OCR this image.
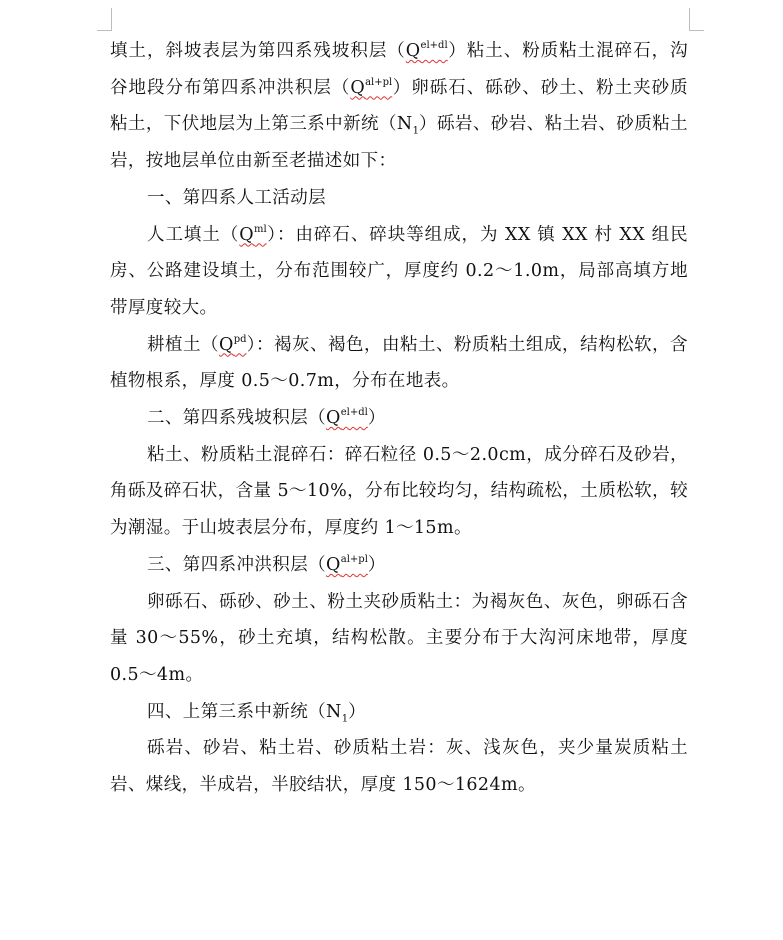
填土，斜坡表层为第四系残坡积层$(Q^{el+dl})$粘土、粉质粘土混碎石，沟谷地段分布第四系冲洪积层$(Q^{al+pl})$卵砾石、砾砂、砂土、粉土夹砂质粘土，下伏地层为上第三系中新统$(N_1)$砾岩、砂岩、粘土岩、砂质粘土岩，按地层单位由新至老描述如下：

一、第四系人工活动层

人工填土$(Q^{ml})$：由碎石、碎块等组成，为 XX 镇 XX 村 XX 组民房、公路建设填土，分布范围较广，厚度约 0.2～1.0m，局部高填方地带厚度较大。

耕植土$(Q^{pd})$：褐灰、褐色，由粘土、粉质粘土组成，结构松软，含植物根系，厚度 0.5～0.7m，分布在地表。

二、第四系残坡积层$(Q^{el+dl})$

粘土、粉质粘土混碎石：碎石粒径 0.5～2.0cm，成分碎石及砂岩，角砾及碎石状，含量 5～10%，分布比较均匀，结构疏松，土质松软，较为潮湿。于山坡表层分布，厚度约 1～15m。

三、第四系冲洪积层$(Q^{al+pl})$

卵砾石、砾砂、砂土、粉土夹砂质粘土：为褐灰色、灰色，卵砾石含量 30～55%，砂土充填，结构松散。主要分布于大沟河床地带，厚度 0.5～4m。

四、上第三系中新统$(N_1)$

砾岩、砂岩、粘土岩、砂质粘土岩：灰、浅灰色，夹少量炭质粘土岩、煤线，半成岩，半胶结状，厚度 150～1624m。
